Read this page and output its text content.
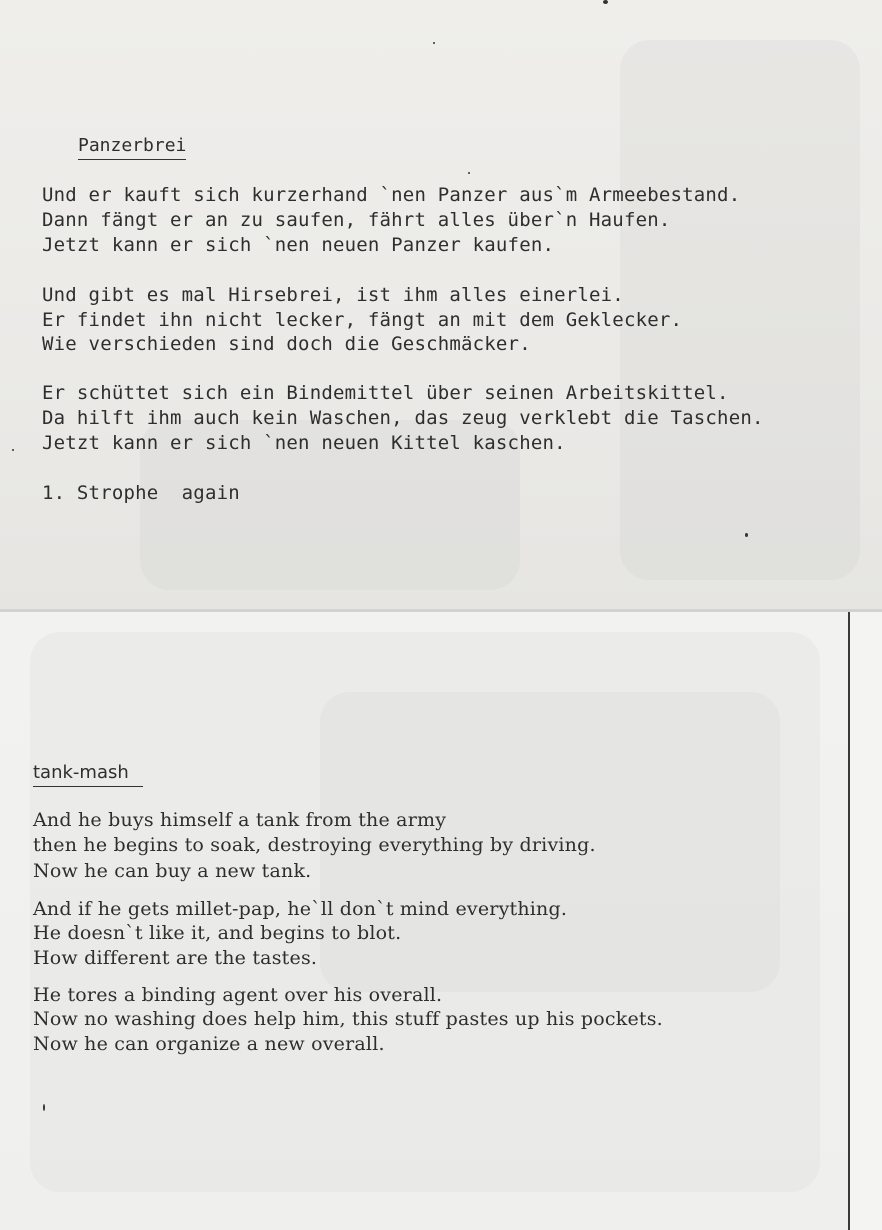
Panzerbrei
Und er kauft sich kurzerhand `nen Panzer aus`m Armeebestand.
Dann fängt er an zu saufen, fährt alles über`n Haufen.
Jetzt kann er sich `nen neuen Panzer kaufen.
Und gibt es mal Hirsebrei, ist ihm alles einerlei.
Er findet ihn nicht lecker, fängt an mit dem Geklecker.
Wie verschieden sind doch die Geschmäcker.
Er schüttet sich ein Bindemittel über seinen Arbeitskittel.
Da hilft ihm auch kein Waschen, das zeug verklebt die Taschen.
Jetzt kann er sich `nen neuen Kittel kaschen.
1. Strophe  again
tank-mash
And he buys himself a tank from the army
then he begins to soak, destroying everything by driving.
Now he can buy a new tank.
And if he gets millet-pap, he`ll don`t mind everything.
He doesn`t like it, and begins to blot.
How different are the tastes.
He tores a binding agent over his overall.
Now no washing does help him, this stuff pastes up his pockets.
Now he can organize a new overall.
